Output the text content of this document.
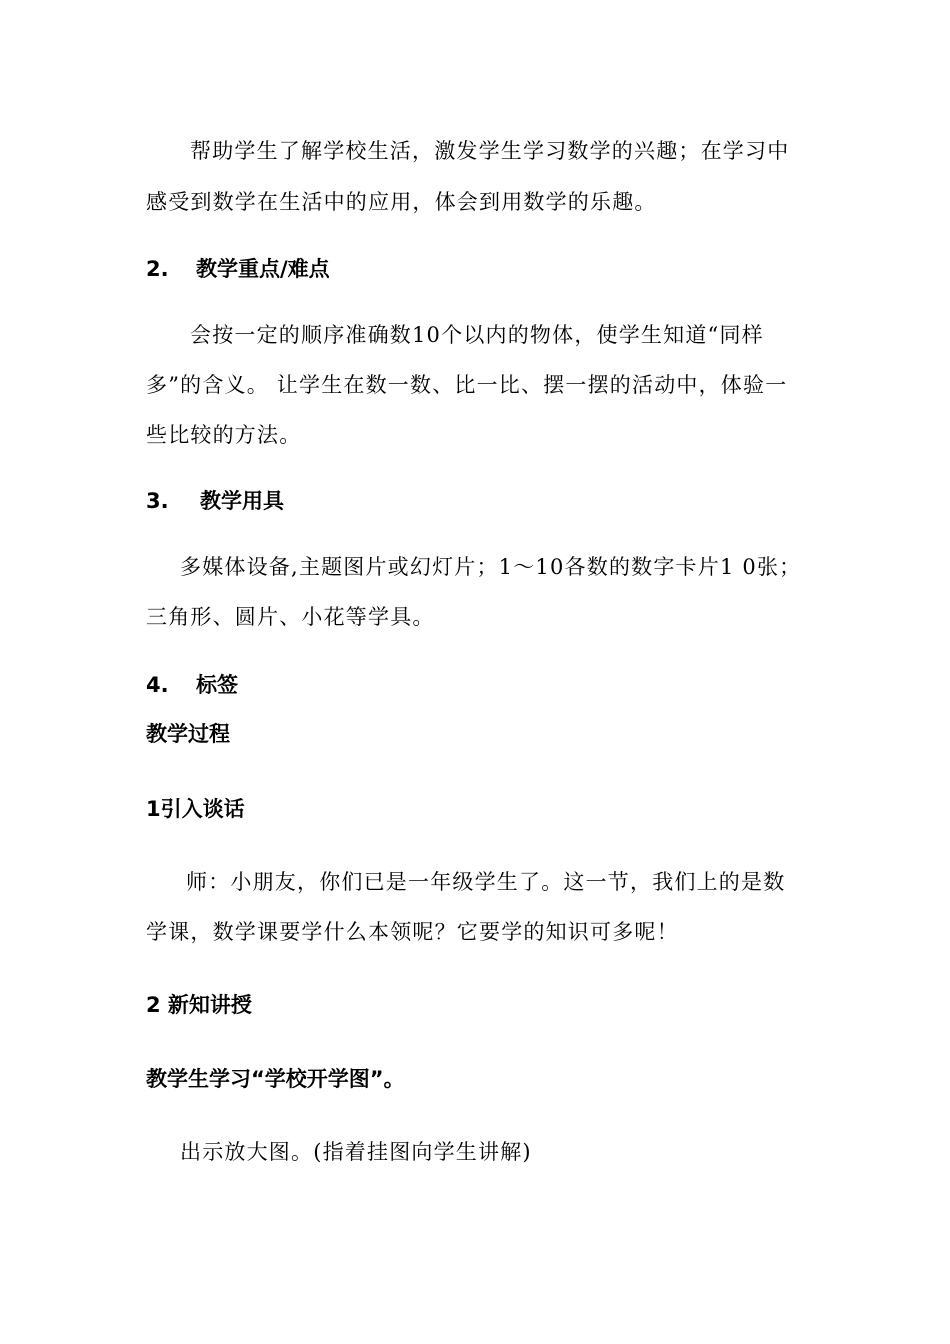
帮助学生了解学校生活，激发学生学习数学的兴趣；在学习中
感受到数学在生活中的应用，体会到用数学的乐趣。
2. 教学重点/难点
会按一定的顺序准确数10个以内的物体，使学生知道“同样
多”的含义。 让学生在数一数、比一比、摆一摆的活动中，体验一
些比较的方法。
3. 教学用具
多媒体设备,主题图片或幻灯片；1～10各数的数字卡片1 0张；
三角形、圆片、小花等学具。
4. 标签
教学过程
1引入谈话
师：小朋友，你们已是一年级学生了。这一节，我们上的是数
学课，数学课要学什么本领呢？它要学的知识可多呢！
2 新知讲授
教学生学习“学校开学图”。
出示放大图。(指着挂图向学生讲解)
